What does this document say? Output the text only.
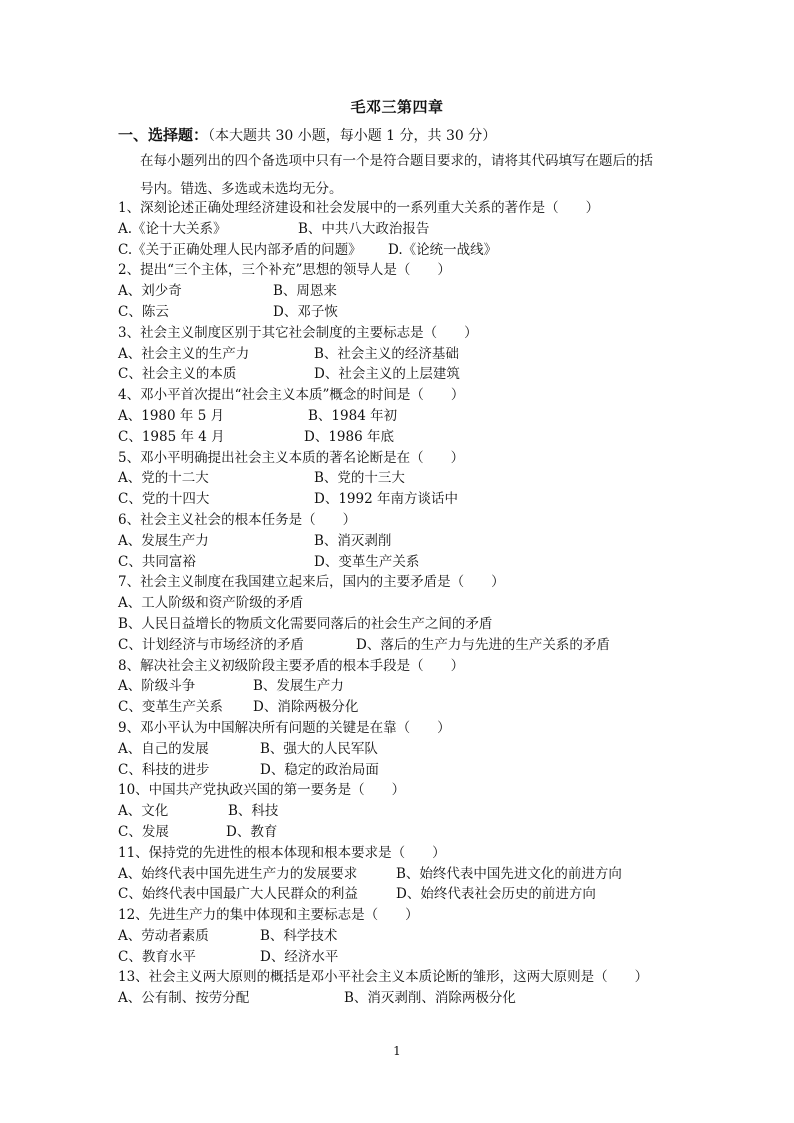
毛邓三第四章
一、选择题：（本大题共 30 小题，每小题 1 分，共 30 分）
在每小题列出的四个备选项中只有一个是符合题目要求的，请将其代码填写在题后的括
号内。错选、多选或未选均无分。
1、深刻论述正确处理经济建设和社会发展中的一系列重大关系的著作是（　　）
A.《论十大关系》	B、中共八大政治报告
C.《关于正确处理人民内部矛盾的问题》 D.《论统一战线》
2、提出“三个主体，三个补充”思想的领导人是（　　）
A、刘少奇	B、周恩来
C、陈云	D、邓子恢
3、社会主义制度区别于其它社会制度的主要标志是（　　）
A、社会主义的生产力	B、社会主义的经济基础
C、社会主义的本质	D、社会主义的上层建筑
4、邓小平首次提出“社会主义本质”概念的时间是（　　）
A、1980 年 5 月	B、1984 年初
C、1985 年 4 月	D、1986 年底
5、邓小平明确提出社会主义本质的著名论断是在（　　）
A、党的十二大	B、党的十三大
C、党的十四大	D、1992 年南方谈话中
6、社会主义社会的根本任务是（　　）
A、发展生产力	B、消灭剥削
C、共同富裕	D、变革生产关系
7、社会主义制度在我国建立起来后，国内的主要矛盾是（　　）
A、工人阶级和资产阶级的矛盾
B、人民日益增长的物质文化需要同落后的社会生产之间的矛盾
C、计划经济与市场经济的矛盾	D、落后的生产力与先进的生产关系的矛盾
8、解决社会主义初级阶段主要矛盾的根本手段是（　　）
A、阶级斗争	B、发展生产力
C、变革生产关系 D、消除两极分化
9、邓小平认为中国解决所有问题的关键是在靠（　　）
A、自己的发展	B、强大的人民军队
C、科技的进步	D、稳定的政治局面
10、中国共产党执政兴国的第一要务是（　　）
A、文化	B、科技
C、发展	D、教育
11、保持党的先进性的根本体现和根本要求是（　　）
A、始终代表中国先进生产力的发展要求	B、始终代表中国先进文化的前进方向
C、始终代表中国最广大人民群众的利益	D、始终代表社会历史的前进方向
12、先进生产力的集中体现和主要标志是（　　）
A、劳动者素质	B、科学技术
C、教育水平	D、经济水平
13、社会主义两大原则的概括是邓小平社会主义本质论断的雏形，这两大原则是（　　）
A、公有制、按劳分配	B、消灭剥削、消除两极分化
1
